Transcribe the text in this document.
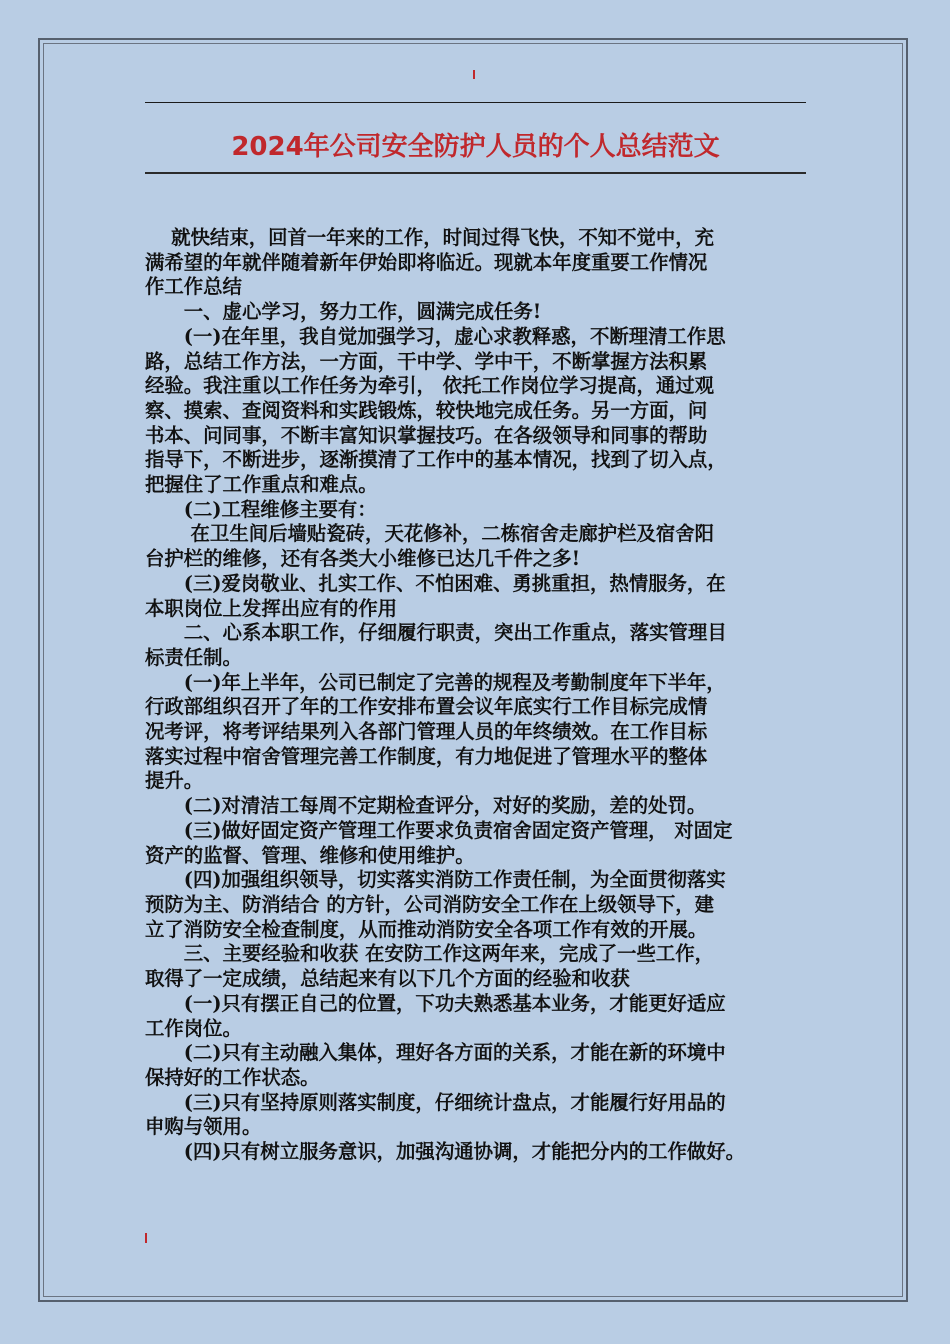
2024年公司安全防护人员的个人总结范文

　 就快结束，回首一年来的工作，时间过得飞快，不知不觉中，充

满希望的年就伴随着新年伊始即将临近。现就本年度重要工作情况

作工作总结

　　一、虚心学习，努力工作，圆满完成任务!

　　(一)在年里，我自觉加强学习，虚心求教释惑，不断理清工作思

路，总结工作方法，一方面，干中学、学中干，不断掌握方法积累

经验。我注重以工作任务为牵引， 依托工作岗位学习提高，通过观

察、摸索、查阅资料和实践锻炼，较快地完成任务。另一方面，问

书本、问同事，不断丰富知识掌握技巧。在各级领导和同事的帮助

指导下，不断进步，逐渐摸清了工作中的基本情况，找到了切入点，

把握住了工作重点和难点。

　　(二)工程维修主要有：

　　 在卫生间后墙贴瓷砖，天花修补，二栋宿舍走廊护栏及宿舍阳

台护栏的维修，还有各类大小维修已达几千件之多!

　　(三)爱岗敬业、扎实工作、不怕困难、勇挑重担，热情服务，在

本职岗位上发挥出应有的作用

　　二、心系本职工作，仔细履行职责，突出工作重点，落实管理目

标责任制。

　　(一)年上半年，公司已制定了完善的规程及考勤制度年下半年，

行政部组织召开了年的工作安排布置会议年底实行工作目标完成情

况考评，将考评结果列入各部门管理人员的年终绩效。在工作目标

落实过程中宿舍管理完善工作制度，有力地促进了管理水平的整体

提升。

　　(二)对清洁工每周不定期检查评分，对好的奖励，差的处罚。

　　(三)做好固定资产管理工作要求负责宿舍固定资产管理， 对固定

资产的监督、管理、维修和使用维护。

　　(四)加强组织领导，切实落实消防工作责任制，为全面贯彻落实

预防为主、防消结合 的方针，公司消防安全工作在上级领导下，建

立了消防安全检查制度，从而推动消防安全各项工作有效的开展。

　　三、主要经验和收获 在安防工作这两年来，完成了一些工作，

取得了一定成绩，总结起来有以下几个方面的经验和收获

　　(一)只有摆正自己的位置，下功夫熟悉基本业务，才能更好适应

工作岗位。

　　(二)只有主动融入集体，理好各方面的关系，才能在新的环境中

保持好的工作状态。

　　(三)只有坚持原则落实制度，仔细统计盘点，才能履行好用品的

申购与领用。

　　(四)只有树立服务意识，加强沟通协调，才能把分内的工作做好。
